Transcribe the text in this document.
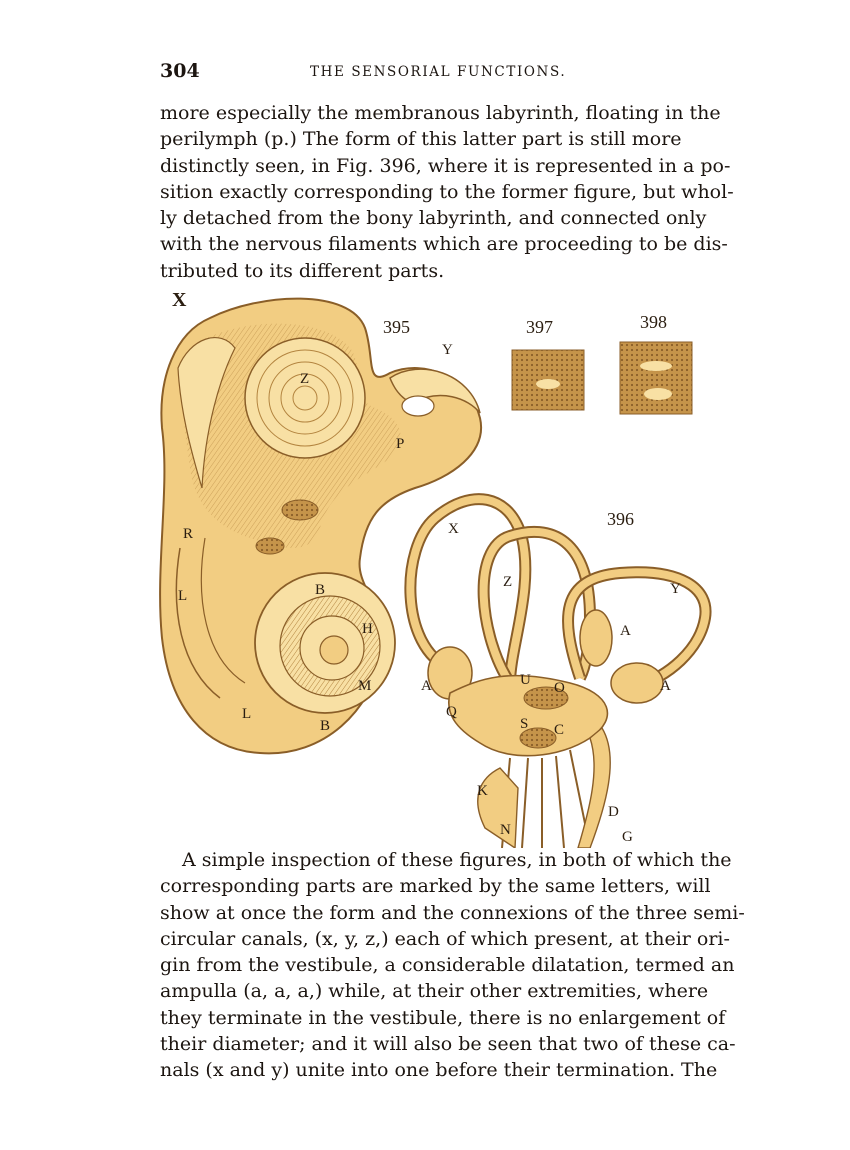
304	THE SENSORIAL FUNCTIONS.

more especially the membranous labyrinth, floating in the
perilymph (p.) The form of this latter part is still more
distinctly seen, in Fig. 396, where it is represented in a po-
sition exactly corresponding to the former figure, but whol-
ly detached from the bony labyrinth, and connected only
with the nervous filaments which are proceeding to be dis-
tributed to its different parts.

X
395
Y
Z
P
R
L	B
H
M
L
B
397	398
396
X
Z	Y
A
A	A
Q
U O
S C
K
N
D
G

A simple inspection of these figures, in both of which the
corresponding parts are marked by the same letters, will
show at once the form and the connexions of the three semi-
circular canals, (x, y, z,) each of which present, at their ori-
gin from the vestibule, a considerable dilatation, termed an
ampulla (a, a, a,) while, at their other extremities, where
they terminate in the vestibule, there is no enlargement of
their diameter; and it will also be seen that two of these ca-
nals (x and y) unite into one before their termination. The
